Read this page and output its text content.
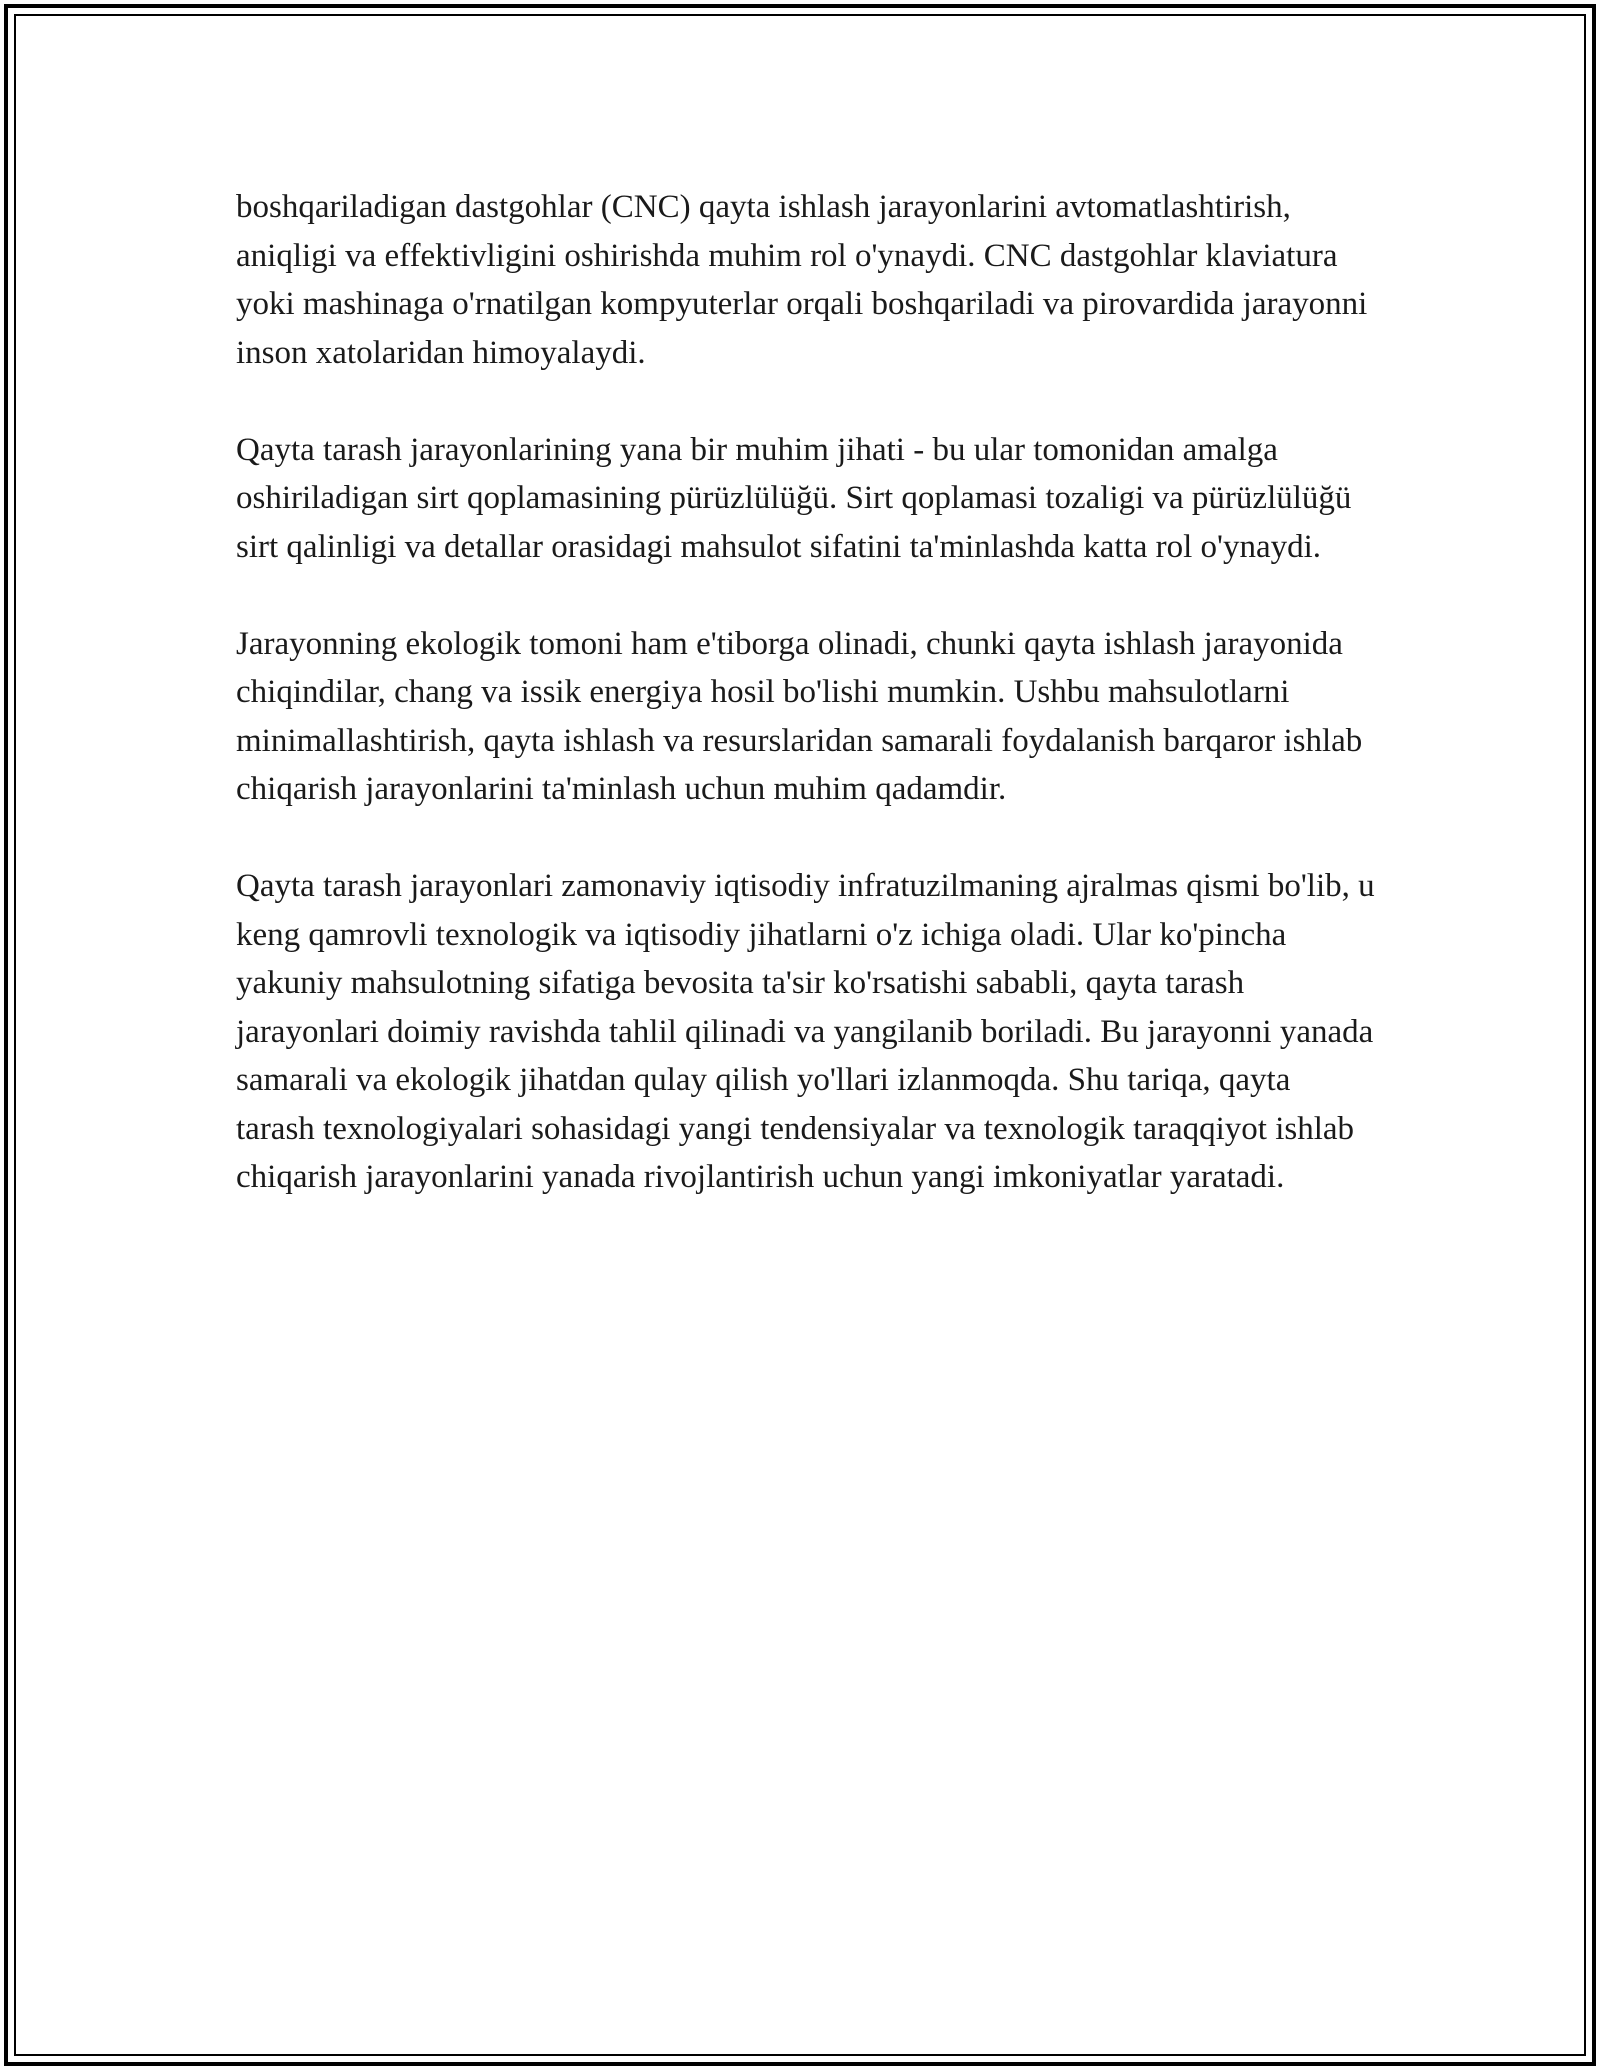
boshqariladigan dastgohlar (CNC) qayta ishlash jarayonlarini avtomatlashtirish, aniqligi va effektivligini oshirishda muhim rol o'ynaydi. CNC dastgohlar klaviatura yoki mashinaga o'rnatilgan kompyuterlar orqali boshqariladi va pirovardida jarayonni inson xatolaridan himoyalaydi.

Qayta tarash jarayonlarining yana bir muhim jihati - bu ular tomonidan amalga oshiriladigan sirt qoplamasining pürüzlülüğü. Sirt qoplamasi tozaligi va pürüzlülüğü sirt qalinligi va detallar orasidagi mahsulot sifatini ta'minlashda katta rol o'ynaydi.

Jarayonning ekologik tomoni ham e'tiborga olinadi, chunki qayta ishlash jarayonida chiqindilar, chang va issik energiya hosil bo'lishi mumkin. Ushbu mahsulotlarni minimallashtirish, qayta ishlash va resurslaridan samarali foydalanish barqaror ishlab chiqarish jarayonlarini ta'minlash uchun muhim qadamdir.

Qayta tarash jarayonlari zamonaviy iqtisodiy infratuzilmaning ajralmas qismi bo'lib, u keng qamrovli texnologik va iqtisodiy jihatlarni o'z ichiga oladi. Ular ko'pincha yakuniy mahsulotning sifatiga bevosita ta'sir ko'rsatishi sababli, qayta tarash jarayonlari doimiy ravishda tahlil qilinadi va yangilanib boriladi. Bu jarayonni yanada samarali va ekologik jihatdan qulay qilish yo'llari izlanmoqda. Shu tariqa, qayta tarash texnologiyalari sohasidagi yangi tendensiyalar va texnologik taraqqiyot ishlab chiqarish jarayonlarini yanada rivojlantirish uchun yangi imkoniyatlar yaratadi.
